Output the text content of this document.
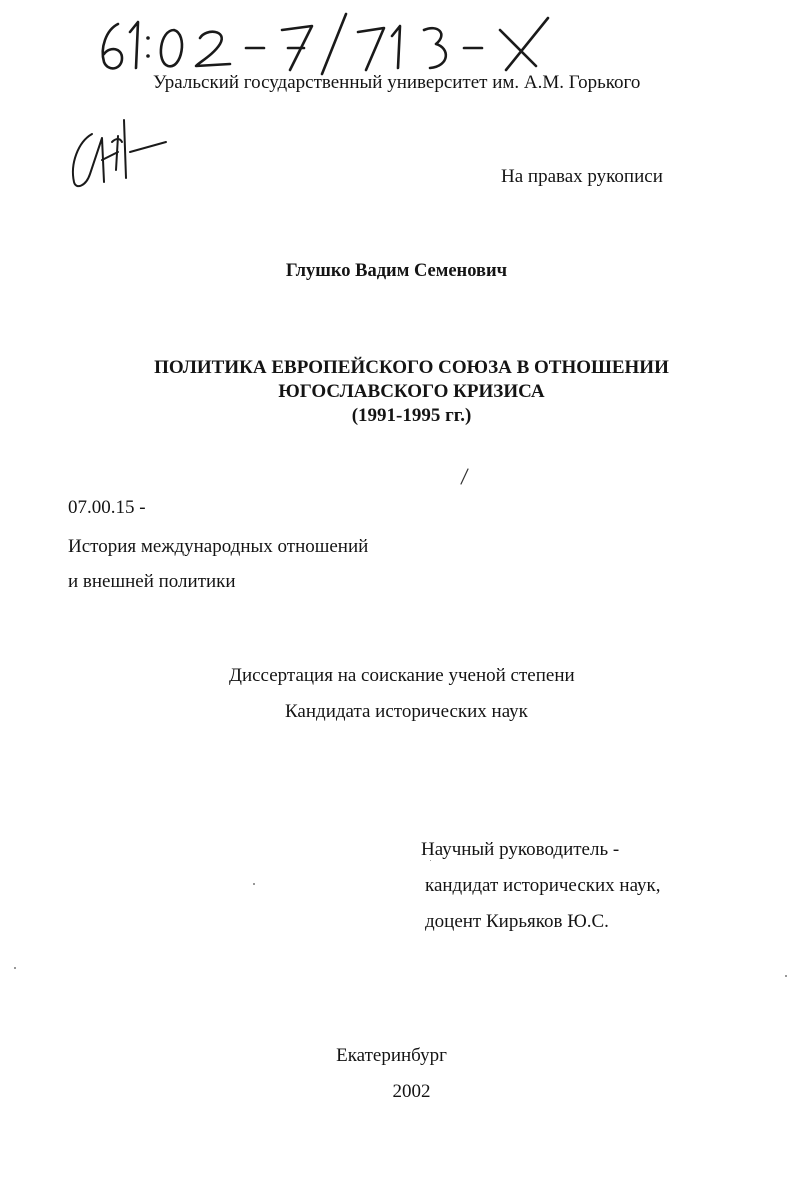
Уральский государственный университет им. А.М. Горького
На правах рукописи
Глушко Вадим Семенович
ПОЛИТИКА ЕВРОПЕЙСКОГО СОЮЗА В ОТНОШЕНИИ
ЮГОСЛАВСКОГО КРИЗИСА
(1991-1995 гг.)
07.00.15 -
История международных отношений
и внешней политики
Диссертация на соискание ученой степени
Кандидата исторических наук
Научный руководитель -
кандидат исторических наук,
доцент Кирьяков Ю.С.
Екатеринбург
2002
